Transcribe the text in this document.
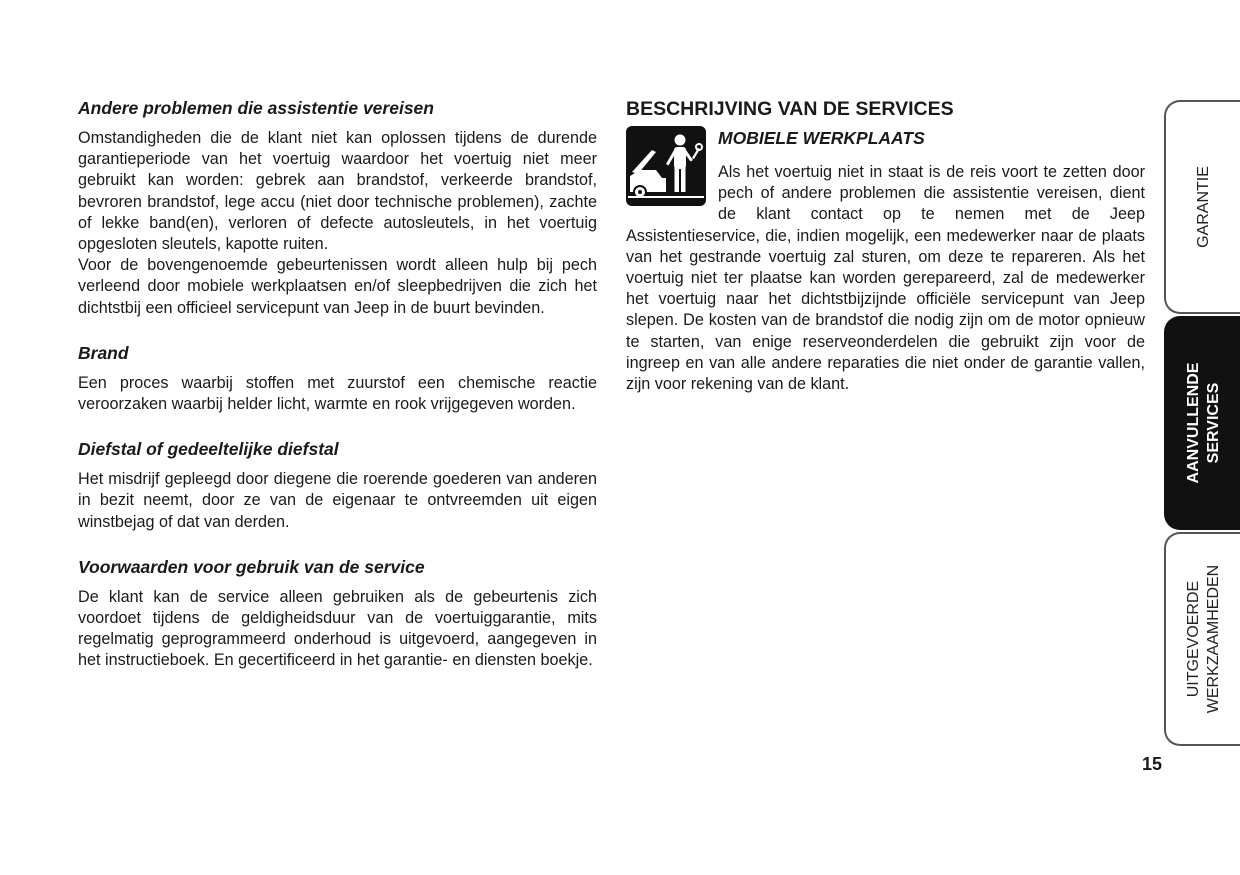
Andere problemen die assistentie vereisen

Omstandigheden die de klant niet kan oplossen tijdens de durende garantieperiode van het voertuig waardoor het voertuig niet meer gebruikt kan worden: gebrek aan brandstof, verkeerde brandstof, bevroren brandstof, lege accu (niet door technische problemen), zachte of lekke band(en), verloren of defecte autosleutels, in het voertuig opgesloten sleutels, kapotte ruiten.

Voor de bovengenoemde gebeurtenissen wordt alleen hulp bij pech verleend door mobiele werkplaatsen en/of sleepbedrijven die zich het dichtstbij een officieel servicepunt van Jeep in de buurt bevinden.

Brand

Een proces waarbij stoffen met zuurstof een chemische reactie veroorzaken waarbij helder licht, warmte en rook vrijgegeven worden.

Diefstal of gedeeltelijke diefstal

Het misdrijf gepleegd door diegene die roerende goederen van anderen in bezit neemt, door ze van de eigenaar te ontvreemden uit eigen winstbejag of dat van derden.

Voorwaarden voor gebruik van de service

De klant kan de service alleen gebruiken als de gebeurtenis zich voordoet tijdens de geldigheidsduur van de voertuiggarantie, mits regelmatig geprogrammeerd onderhoud is uitgevoerd, aangegeven in het instructieboek. En gecertificeerd in het garantie- en diensten boekje.

BESCHRIJVING VAN DE SERVICES
MOBIELE WERKPLAATS

Als het voertuig niet in staat is de reis voort te zetten door pech of andere problemen die assistentie vereisen, dient de klant contact op te nemen met de Jeep Assistentieservice, die, indien mogelijk, een medewerker naar de plaats van het gestrande voertuig zal sturen, om deze te repareren. Als het voertuig niet ter plaatse kan worden gerepareerd, zal de medewerker het voertuig naar het dichtstbijzijnde officiële servicepunt van Jeep slepen. De kosten van de brandstof die nodig zijn om de motor opnieuw te starten, van enige reserveonderdelen die gebruikt zijn voor de ingreep en van alle andere reparaties die niet onder de garantie vallen, zijn voor rekening van de klant.

GARANTIE
AANVULLENDE SERVICES
UITGEVOERDE WERKZAAMHEDEN
15
